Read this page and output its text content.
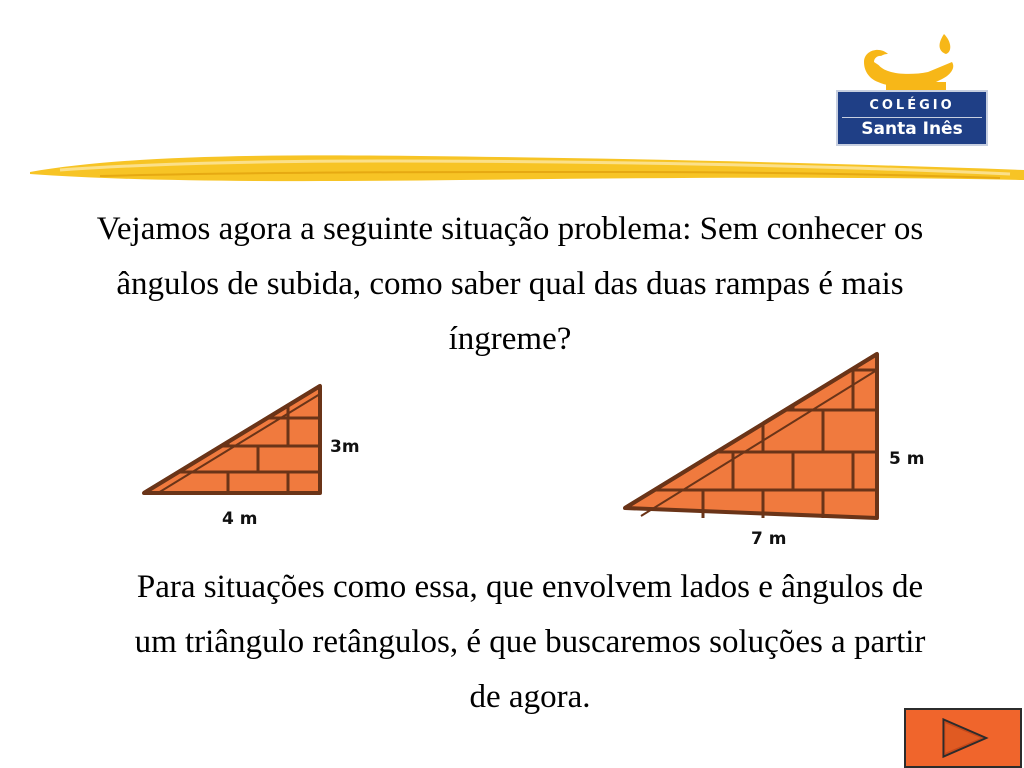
COLÉGIO
Santa Inês
Vejamos agora a seguinte situação problema: Sem conhecer os ângulos de subida, como saber qual das duas rampas é mais íngreme?
3m
4 m
5 m
7 m
Para situações como essa, que envolvem lados e ângulos de um triângulo retângulos, é que buscaremos soluções a partir de agora.
